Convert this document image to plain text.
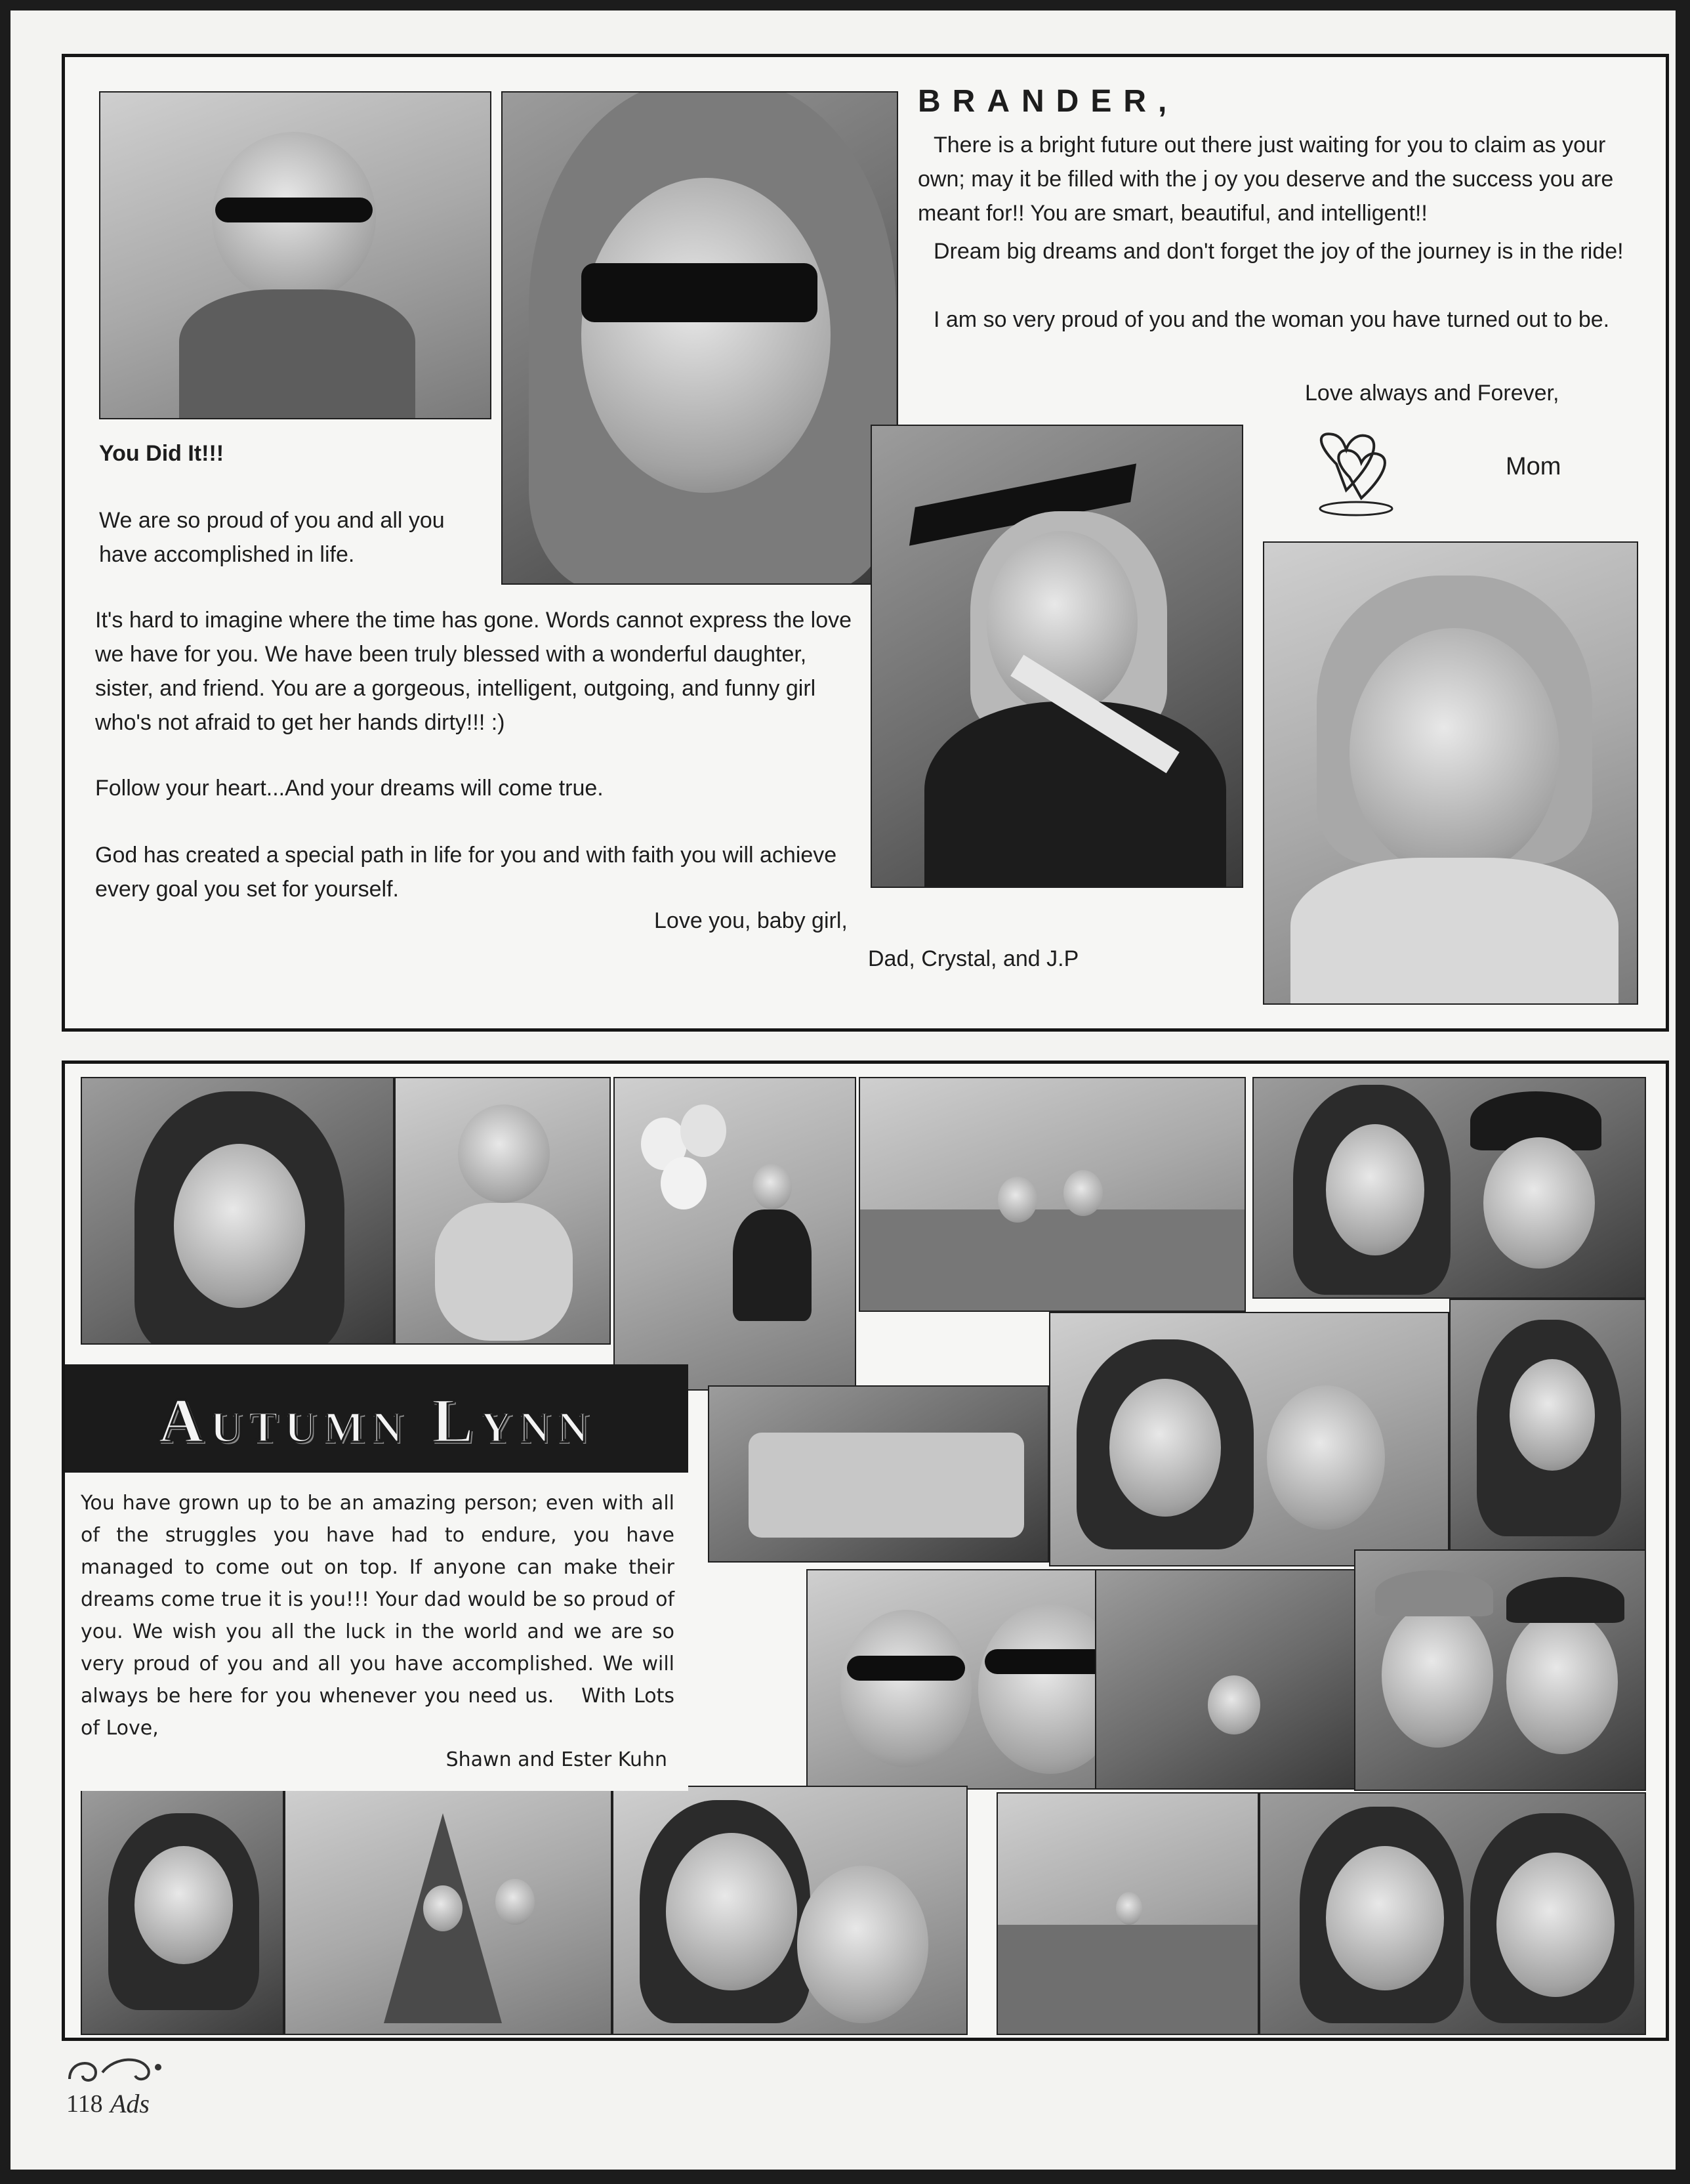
BRANDER,
There is a bright future out there just waiting for you to claim as your own; may it be filled with the j oy you deserve and the success you are meant for!! You are smart, beautiful, and intelligent!!
Dream big dreams and don't forget the joy of the journey is in the ride!
I am so very proud of you and the woman you have turned out to be.
Love always and Forever,
Mom
You Did It!!!
We are so proud of you and all you have accomplished in life.
It's hard to imagine where the time has gone. Words cannot express the love we have for you. We have been truly blessed with a wonderful daughter, sister, and friend. You are a gorgeous, intelligent, outgoing, and funny girl who's not afraid to get her hands dirty!!! :)
Follow your heart...And your dreams will come true.
God has created a special path in life for you and with faith you will achieve every goal you set for yourself.
Love you, baby girl,
Dad, Crystal, and J.P
Autumn Lynn
You have grown up to be an amazing person; even with all of the struggles you have had to endure, you have managed to come out on top. If anyone can make their dreams come true it is you!!! Your dad would be so proud of you. We wish you all the luck in the world and we are so very proud of you and all you have accomplished. We will always be here for you whenever you need us. With Lots of Love,
Shawn and Ester Kuhn
118 Ads
